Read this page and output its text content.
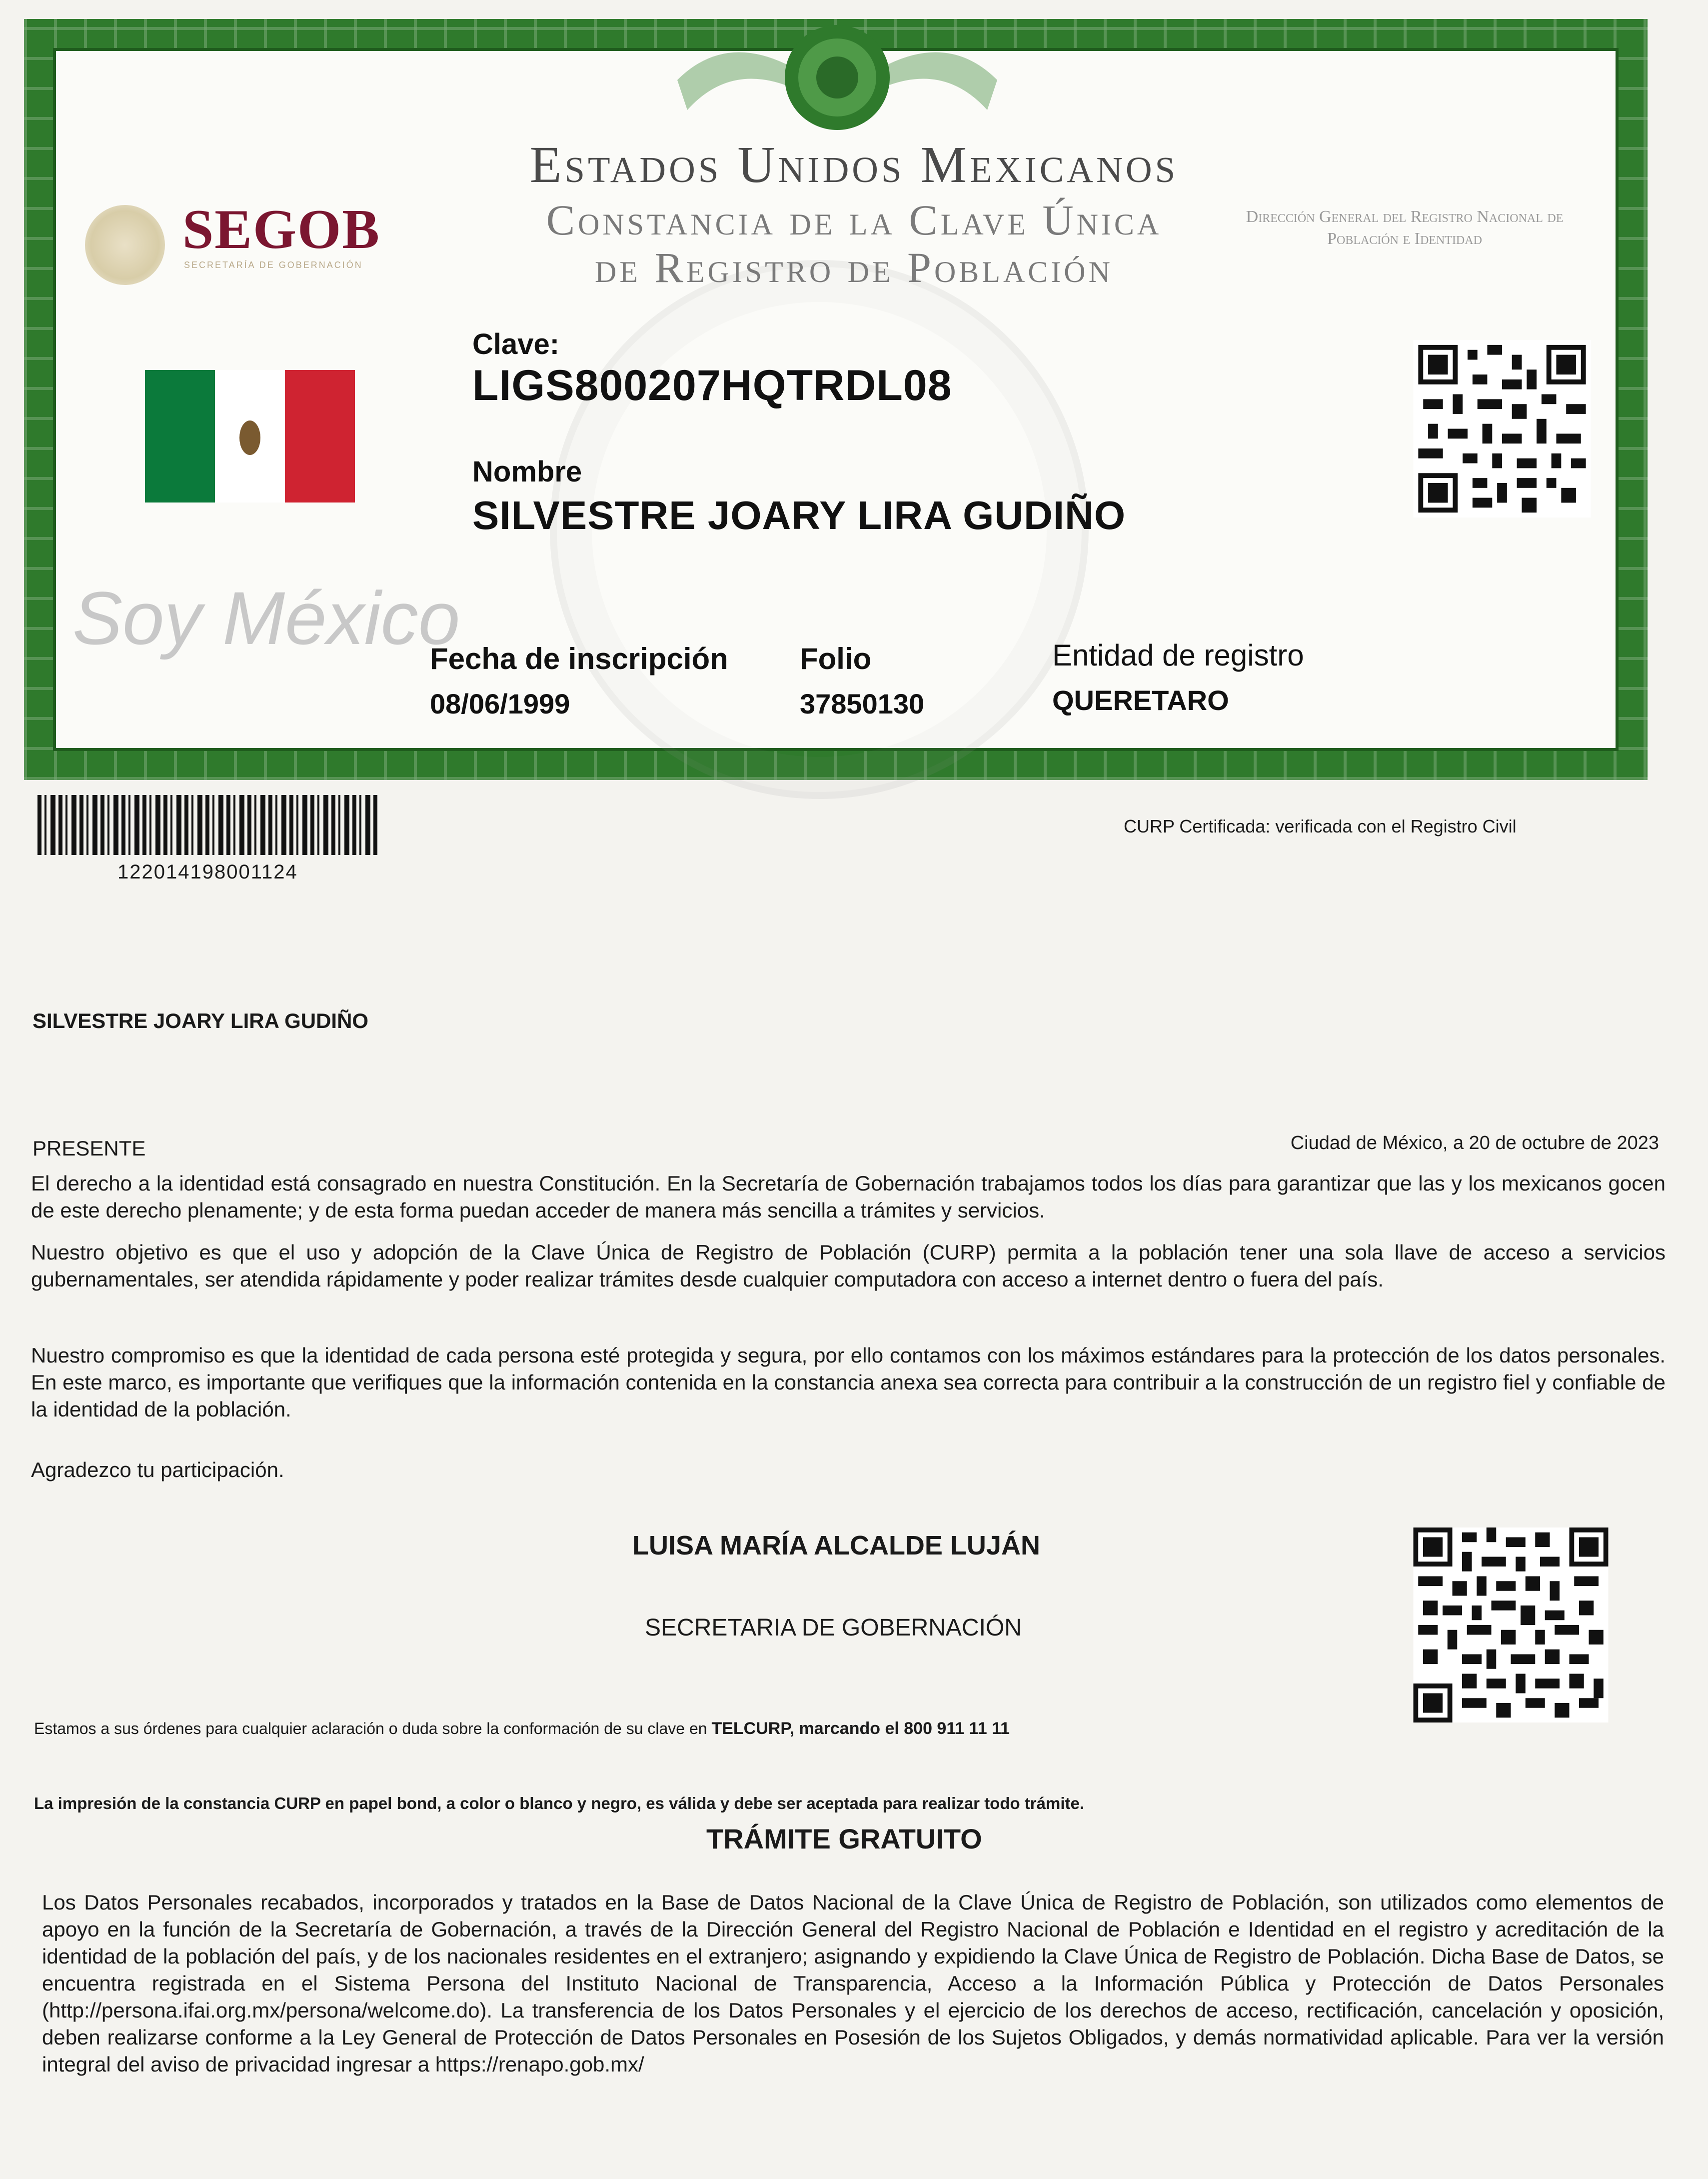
Estados Unidos Mexicanos
Constancia de la Clave Única
de Registro de Población
SEGOB
SECRETARÍA DE GOBERNACIÓN
Dirección General del Registro Nacional de Población e Identidad
Soy México
Clave:
LIGS800207HQTRDL08
Nombre
SILVESTRE JOARY LIRA GUDIÑO
Fecha de inscripción
08/06/1999
Folio
37850130
Entidad de registro
QUERETARO
122014198001124
CURP Certificada: verificada con el Registro Civil
SILVESTRE JOARY LIRA GUDIÑO
PRESENTE	Ciudad de México, a 20 de octubre de 2023
El derecho a la identidad está consagrado en nuestra Constitución. En la Secretaría de Gobernación trabajamos todos los días para garantizar que las y los mexicanos gocen de este derecho plenamente; y de esta forma puedan acceder de manera más sencilla a trámites y servicios.
Nuestro objetivo es que el uso y adopción de la Clave Única de Registro de Población (CURP) permita a la población tener una sola llave de acceso a servicios gubernamentales, ser atendida rápidamente y poder realizar trámites desde cualquier computadora con acceso a internet dentro o fuera del país.
Nuestro compromiso es que la identidad de cada persona esté protegida y segura, por ello contamos con los máximos estándares para la protección de los datos personales. En este marco, es importante que verifiques que la información contenida en la constancia anexa sea correcta para contribuir a la construcción de un registro fiel y confiable de la identidad de la población.
Agradezco tu participación.
LUISA MARÍA ALCALDE LUJÁN
SECRETARIA DE GOBERNACIÓN
Estamos a sus órdenes para cualquier aclaración o duda sobre la conformación de su clave en TELCURP, marcando el 800 911 11 11
La impresión de la constancia CURP en papel bond, a color o blanco y negro, es válida y debe ser aceptada para realizar todo trámite.
TRÁMITE GRATUITO
Los Datos Personales recabados, incorporados y tratados en la Base de Datos Nacional de la Clave Única de Registro de Población, son utilizados como elementos de apoyo en la función de la Secretaría de Gobernación, a través de la Dirección General del Registro Nacional de Población e Identidad en el registro y acreditación de la identidad de la población del país, y de los nacionales residentes en el extranjero; asignando y expidiendo la Clave Única de Registro de Población. Dicha Base de Datos, se encuentra registrada en el Sistema Persona del Instituto Nacional de Transparencia, Acceso a la Información Pública y Protección de Datos Personales (http://persona.ifai.org.mx/persona/welcome.do). La transferencia de los Datos Personales y el ejercicio de los derechos de acceso, rectificación, cancelación y oposición, deben realizarse conforme a la Ley General de Protección de Datos Personales en Posesión de los Sujetos Obligados, y demás normatividad aplicable. Para ver la versión integral del aviso de privacidad ingresar a https://renapo.gob.mx/
